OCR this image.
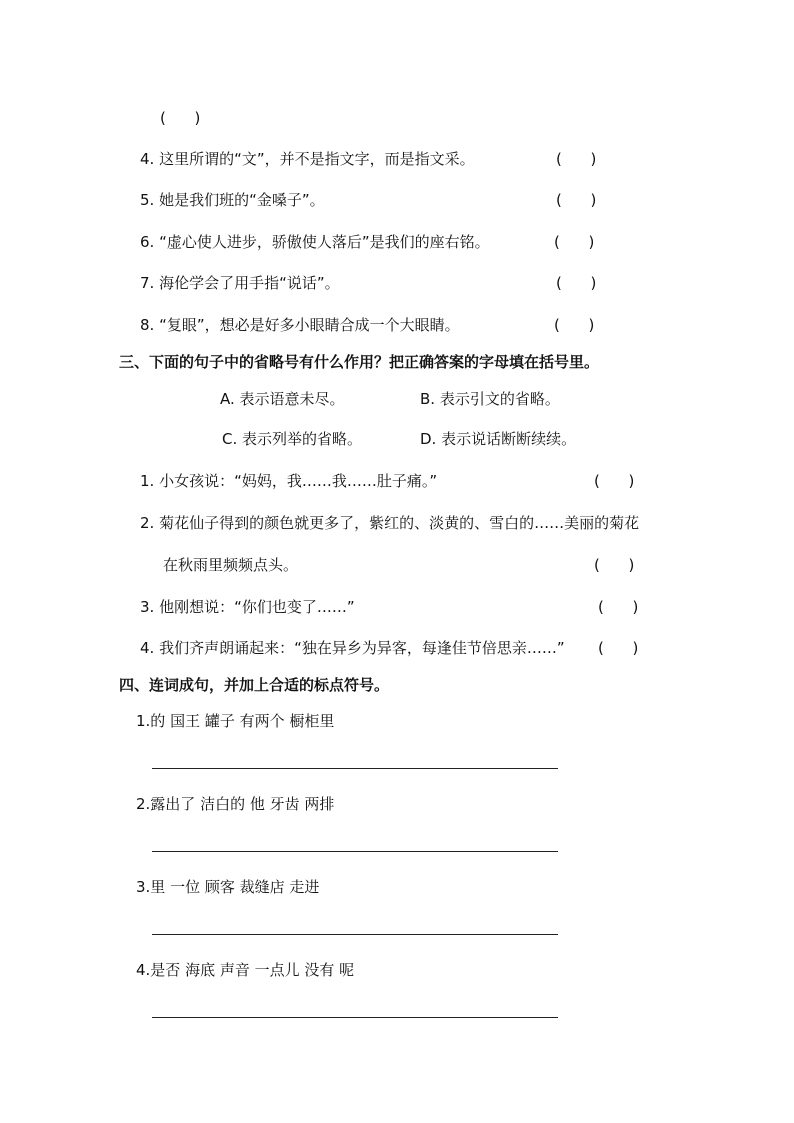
(      )
4. 这里所谓的“文”，并不是指文字，而是指文采。	(      )
5. 她是我们班的“金嗓子”。	(      )
6. “虚心使人进步，骄傲使人落后”是我们的座右铭。	(      )
7. 海伦学会了用手指“说话”。	(      )
8. “复眼”，想必是好多小眼睛合成一个大眼睛。	(      )
三、下面的句子中的省略号有什么作用？把正确答案的字母填在括号里。
A. 表示语意未尽。	B. 表示引文的省略。
C. 表示列举的省略。	D. 表示说话断断续续。
1. 小女孩说：“妈妈，我……我……肚子痛。”	(      )
2. 菊花仙子得到的颜色就更多了，紫红的、淡黄的、雪白的……美丽的菊花
在秋雨里频频点头。	(      )
3. 他刚想说：“你们也变了……”	(      )
4. 我们齐声朗诵起来：“独在异乡为异客，每逢佳节倍思亲……” (      )
四、连词成句，并加上合适的标点符号。
1.的 国王 罐子 有两个 橱柜里
2.露出了 洁白的 他 牙齿 两排
3.里 一位 顾客 裁缝店 走进
4.是否 海底 声音 一点儿 没有 呢
